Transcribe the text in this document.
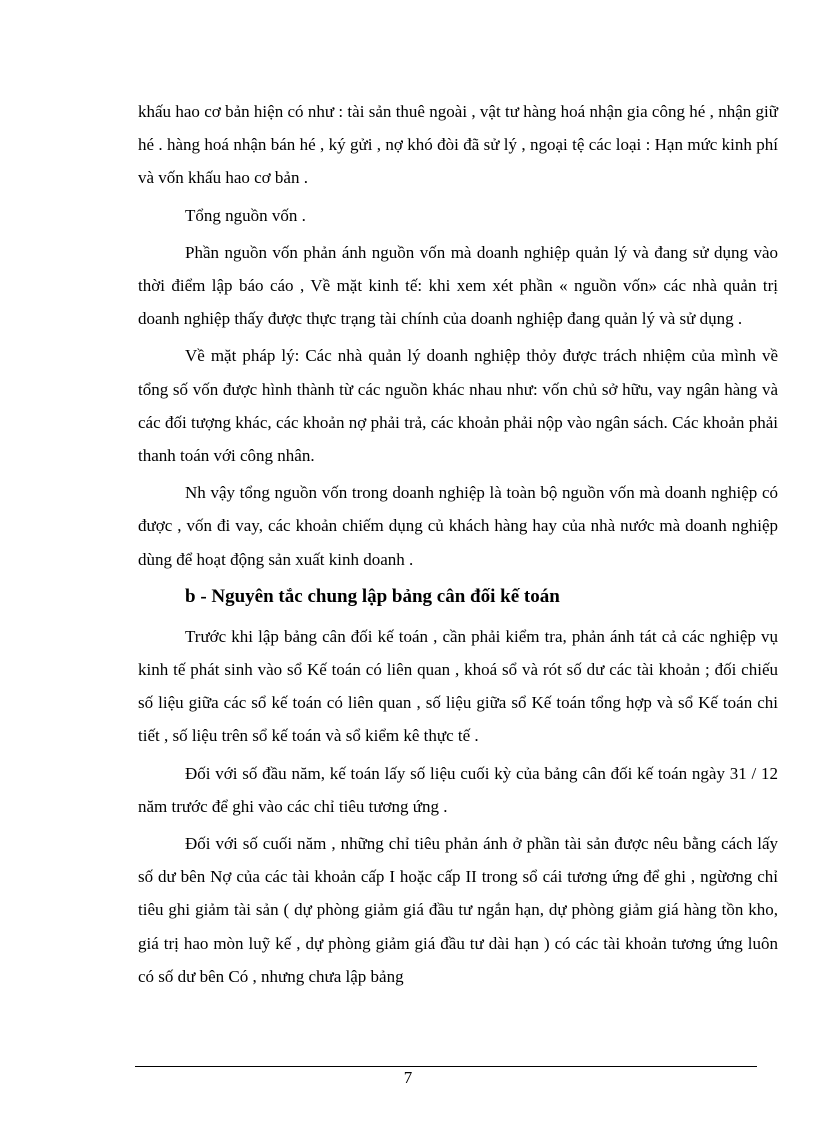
khấu hao cơ bản hiện có như : tài sản thuê ngoài , vật tư hàng hoá nhận gia công hé , nhận giữ hé . hàng hoá nhận bán hé , ký gửi , nợ khó đòi đã sử lý , ngoại tệ các loại : Hạn mức kinh phí và vốn khấu hao cơ bản .

Tổng nguồn vốn .

Phần nguồn vốn phản ánh nguồn vốn mà doanh nghiệp quản lý và đang sử dụng vào thời điểm lập báo cáo , Về mặt kinh tế: khi xem xét phần « nguồn vốn» các nhà quản trị doanh nghiệp thấy được thực trạng tài chính của doanh nghiệp đang quản lý và sử dụng .

Về mặt pháp lý: Các nhà quản lý doanh nghiệp thỏy được trách nhiệm của mình về tổng số vốn được hình thành từ các nguồn khác nhau như: vốn chủ sở hữu, vay ngân hàng và các đối tượng khác, các khoản nợ phải trả, các khoản phải nộp vào ngân sách. Các khoản phải thanh toán với công nhân.

Nh vậy tổng nguồn vốn trong doanh nghiệp là toàn bộ nguồn vốn mà doanh nghiệp có được , vốn đi vay, các khoản chiếm dụng củ khách hàng hay của nhà nước mà doanh nghiệp dùng để hoạt động sản xuất kinh doanh .

b - Nguyên tắc chung lập bảng cân đối kế toán

Trước khi lập bảng cân đối kế toán , cần phải kiểm tra, phản ánh tát cả các nghiệp vụ kinh tế phát sinh vào sổ Kế toán có liên quan , khoá sổ và rót số dư các tài khoản ; đối chiếu số liệu giữa các sổ kế toán có liên quan , số liệu giữa sổ Kế toán tổng hợp và sổ Kế toán chi tiết , số liệu trên sổ kế toán và sổ kiểm kê thực tế .

Đối với số đầu năm, kế toán lấy số liệu cuối kỳ của bảng cân đối kế toán ngày 31 / 12 năm trước để ghi vào các chỉ tiêu tương ứng .

Đối với số cuối năm , những chỉ tiêu phản ánh ở phần tài sản được nêu bằng cách lấy số dư bên Nợ của các tài khoản cấp I hoặc cấp II trong sổ cái tương ứng để ghi , ngừơng chỉ tiêu ghi giảm tài sản ( dự phòng giảm giá đầu tư ngắn hạn, dự phòng giảm giá hàng tồn kho, giá trị hao mòn luỹ kế , dự phòng giảm giá đầu tư dài hạn ) có các tài khoản tương ứng luôn có số dư bên Có , nhưng chưa lập bảng

7
